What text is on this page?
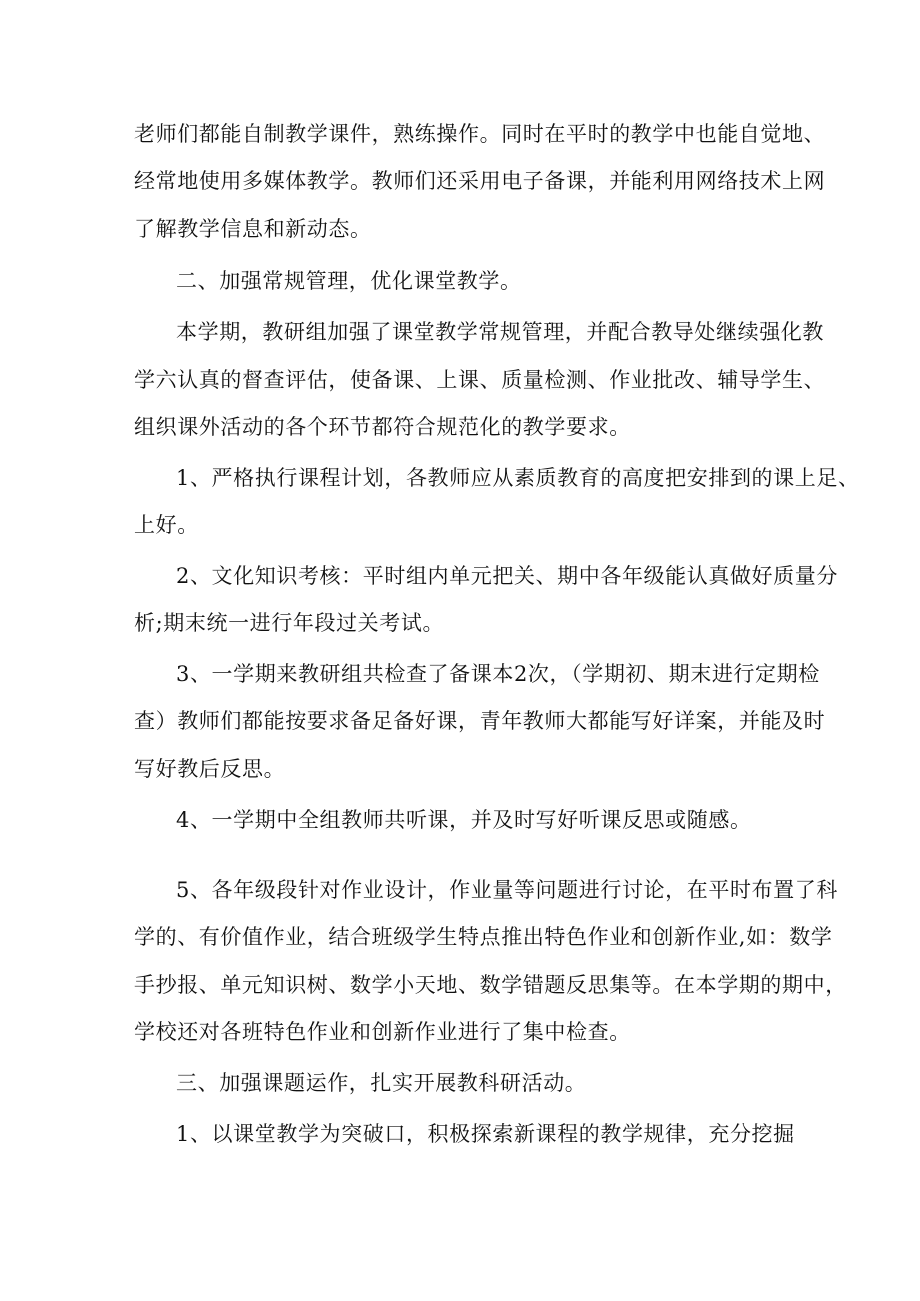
老师们都能自制教学课件，熟练操作。同时在平时的教学中也能自觉地、
经常地使用多媒体教学。教师们还采用电子备课，并能利用网络技术上网
了解教学信息和新动态。
二、加强常规管理，优化课堂教学。
本学期，教研组加强了课堂教学常规管理，并配合教导处继续强化教
学六认真的督查评估，使备课、上课、质量检测、作业批改、辅导学生、
组织课外活动的各个环节都符合规范化的教学要求。
1、严格执行课程计划，各教师应从素质教育的高度把安排到的课上足、
上好。
2、文化知识考核：平时组内单元把关、期中各年级能认真做好质量分
析;期末统一进行年段过关考试。
3、一学期来教研组共检查了备课本2次，（学期初、期末进行定期检
查）教师们都能按要求备足备好课，青年教师大都能写好详案，并能及时
写好教后反思。
4、一学期中全组教师共听课，并及时写好听课反思或随感。
5、各年级段针对作业设计，作业量等问题进行讨论，在平时布置了科
学的、有价值作业，结合班级学生特点推出特色作业和创新作业,如：数学
手抄报、单元知识树、数学小天地、数学错题反思集等。在本学期的期中，
学校还对各班特色作业和创新作业进行了集中检查。
三、加强课题运作，扎实开展教科研活动。
1、以课堂教学为突破口，积极探索新课程的教学规律，充分挖掘
